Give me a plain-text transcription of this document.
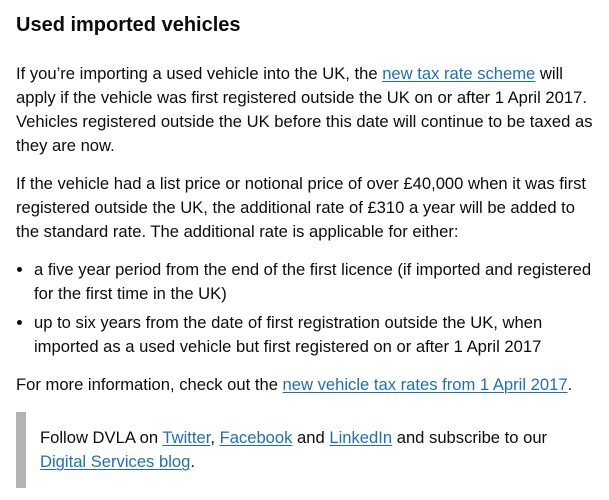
Used imported vehicles

If you’re importing a used vehicle into the UK, the new tax rate scheme will apply if the vehicle was first registered outside the UK on or after 1 April 2017. Vehicles registered outside the UK before this date will continue to be taxed as they are now.

If the vehicle had a list price or notional price of over £40,000 when it was first registered outside the UK, the additional rate of £310 a year will be added to the standard rate. The additional rate is applicable for either:

• a five year period from the end of the first licence (if imported and registered for the first time in the UK)
• up to six years from the date of first registration outside the UK, when imported as a used vehicle but first registered on or after 1 April 2017

For more information, check out the new vehicle tax rates from 1 April 2017.

Follow DVLA on Twitter, Facebook and LinkedIn and subscribe to our Digital Services blog.
